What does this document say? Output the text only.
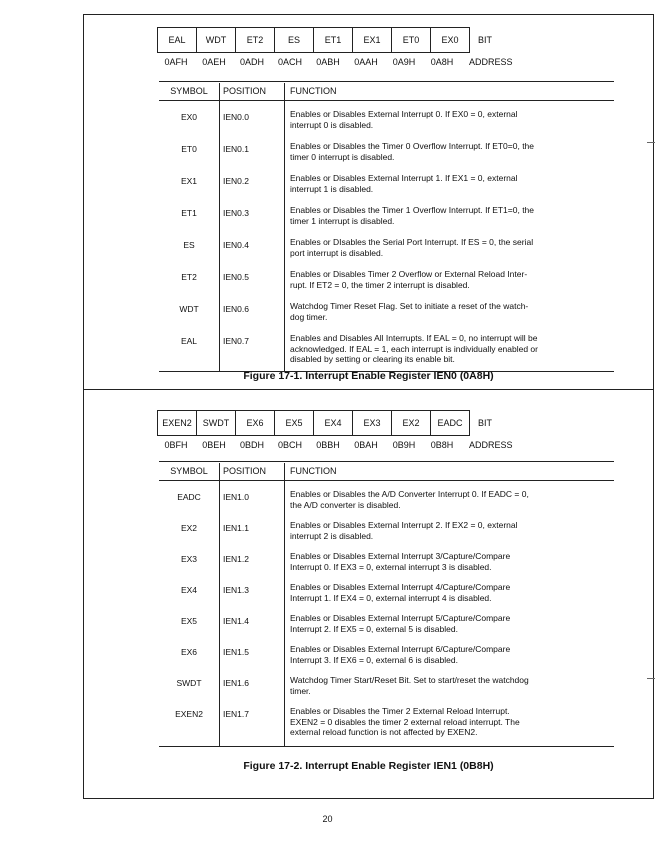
EAL	WDT	ET2	ES	ET1	EX1	ET0	EX0	BIT
0AFH	0AEH	0ADH	0ACH	0ABH	0AAH	0A9H	0A8H	ADDRESS
SYMBOL	POSITION	FUNCTION
EX0	IEN0.0	Enables or Disables External Interrupt 0. If EX0 = 0, external
interrupt 0 is disabled.
ET0	IEN0.1	Enables or Disables the Timer 0 Overflow Interrupt. If ET0=0, the
timer 0 interrupt is disabled.
EX1	IEN0.2	Enables or Disables External Interrupt 1. If EX1 = 0, external
interrupt 1 is disabled.
ET1	IEN0.3	Enables or Disables the Timer 1 Overflow Interrupt. If ET1=0, the
timer 1 interrupt is disabled.
ES	IEN0.4	Enables or DIsables the Serial Port Interrupt. If ES = 0, the serial
port interrupt is disabled.
ET2	IEN0.5	Enables or Disables Timer 2 Overflow or External Reload Inter-
rupt. If ET2 = 0, the timer 2 interrupt is disabled.
WDT	IEN0.6	Watchdog Timer Reset Flag. Set to initiate a reset of the watch-
dog timer.
EAL	IEN0.7	Enables and Disables All Interrupts. If EAL = 0, no interrupt will be
acknowledged. If EAL = 1, each interrupt is individually enabled or
disabled by setting or clearing its enable bit.
Figure 17-1. Interrupt Enable Register IEN0 (0A8H)
EXEN2	SWDT	EX6	EX5	EX4	EX3	EX2	EADC	BIT
0BFH	0BEH	0BDH	0BCH	0BBH	0BAH	0B9H	0B8H	ADDRESS
SYMBOL	POSITION	FUNCTION
EADC	IEN1.0	Enables or Disables the A/D Converter Interrupt 0. If EADC = 0,
the A/D converter is disabled.
EX2	IEN1.1	Enables or Disables External Interrupt 2. If EX2 = 0, external
interrupt 2 is disabled.
EX3	IEN1.2	Enables or Disables External Interrupt 3/Capture/Compare
Interrupt 0. If EX3 = 0, external interrupt 3 is disabled.
EX4	IEN1.3	Enables or Disables External Interrupt 4/Capture/Compare
Interrupt 1. If EX4 = 0, external interrupt 4 is disabled.
EX5	IEN1.4	Enables or Disables External Interrupt 5/Capture/Compare
Interrupt 2. If EX5 = 0, external 5 is disabled.
EX6	IEN1.5	Enables or Disables External Interrupt 6/Capture/Compare
Interrupt 3. If EX6 = 0, external 6 is disabled.
SWDT	IEN1.6	Watchdog Timer Start/Reset Bit. Set to start/reset the watchdog
timer.
EXEN2	IEN1.7	Enables or Disables the Timer 2 External Reload Interrupt.
EXEN2 = 0 disables the timer 2 external reload interrupt. The
external reload function is not affected by EXEN2.
Figure 17-2. Interrupt Enable Register IEN1 (0B8H)
20
